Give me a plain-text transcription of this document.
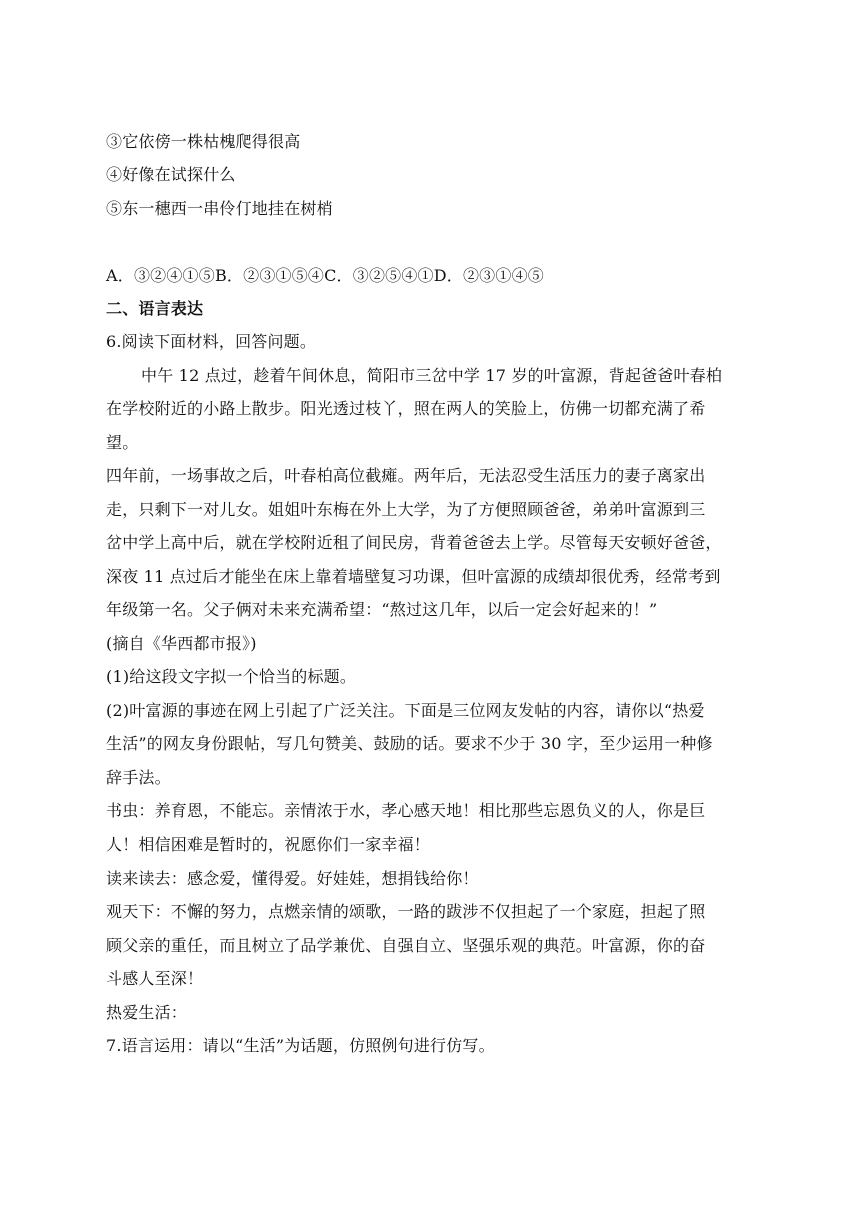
③它依傍一株枯槐爬得很高
④好像在试探什么
⑤东一穗西一串伶仃地挂在树梢
A．③②④①⑤B．②③①⑤④C．③②⑤④①D．②③①④⑤
二、语言表达
6.阅读下面材料，回答问题。
中午 12 点过，趁着午间休息，简阳市三岔中学 17 岁的叶富源，背起爸爸叶春柏
在学校附近的小路上散步。阳光透过枝丫，照在两人的笑脸上，仿佛一切都充满了希
望。
四年前，一场事故之后，叶春柏高位截瘫。两年后，无法忍受生活压力的妻子离家出
走，只剩下一对儿女。姐姐叶东梅在外上大学，为了方便照顾爸爸，弟弟叶富源到三
岔中学上高中后，就在学校附近租了间民房，背着爸爸去上学。尽管每天安顿好爸爸，
深夜 11 点过后才能坐在床上靠着墙壁复习功课，但叶富源的成绩却很优秀，经常考到
年级第一名。父子俩对未来充满希望：“熬过这几年，以后一定会好起来的！”
(摘自《华西都市报》)
(1)给这段文字拟一个恰当的标题。
(2)叶富源的事迹在网上引起了广泛关注。下面是三位网友发帖的内容，请你以“热爱
生活”的网友身份跟帖，写几句赞美、鼓励的话。要求不少于 30 字，至少运用一种修
辞手法。
书虫：养育恩，不能忘。亲情浓于水，孝心感天地！相比那些忘恩负义的人，你是巨
人！相信困难是暂时的，祝愿你们一家幸福！
读来读去：感念爱，懂得爱。好娃娃，想捐钱给你！
观天下：不懈的努力，点燃亲情的颂歌，一路的跋涉不仅担起了一个家庭，担起了照
顾父亲的重任，而且树立了品学兼优、自强自立、坚强乐观的典范。叶富源，你的奋
斗感人至深！
热爱生活：
7.语言运用：请以“生活”为话题，仿照例句进行仿写。
